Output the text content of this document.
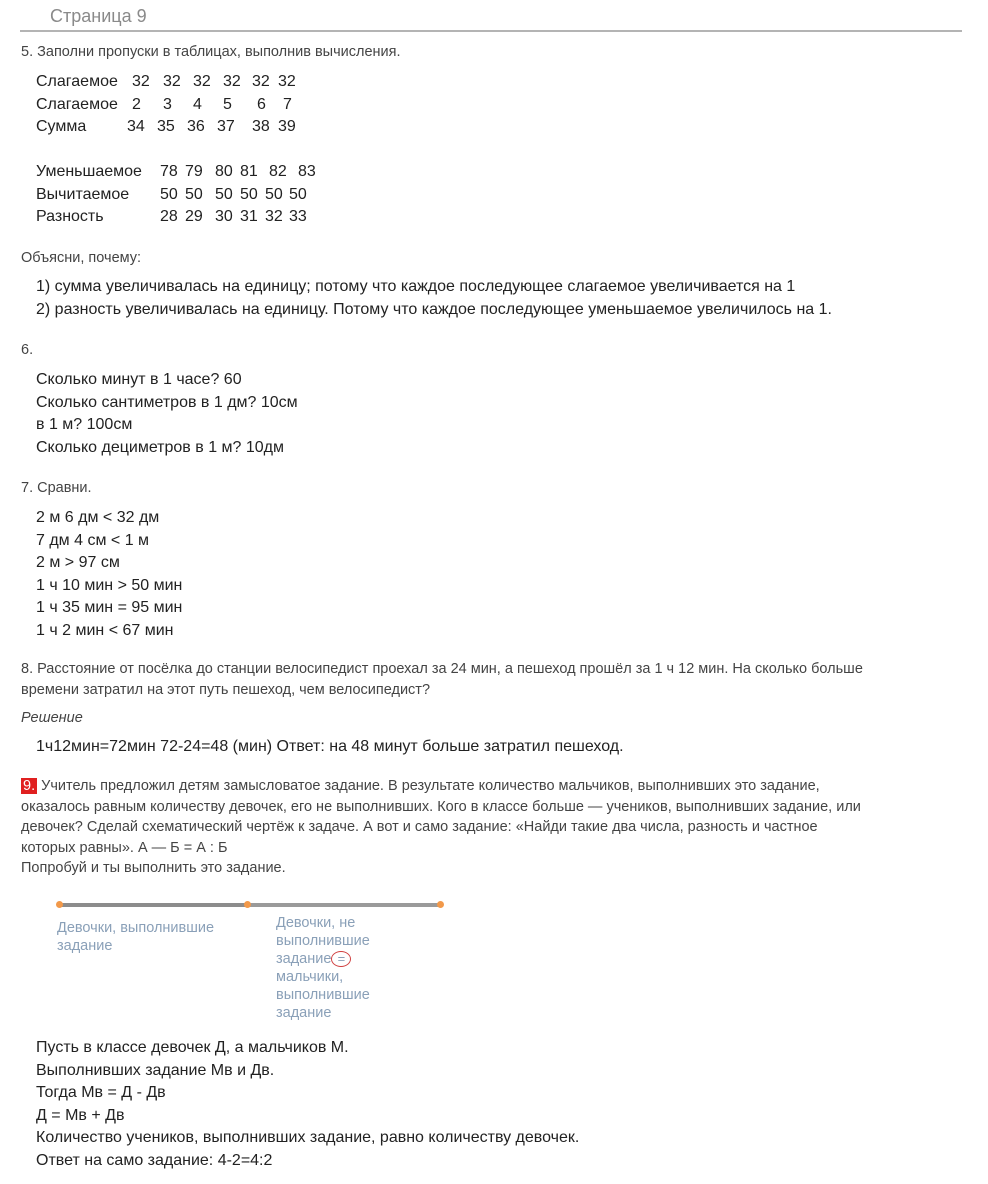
Страница 9
5. Заполни пропуски в таблицах, выполнив вычисления.
Слагаемое 32 32 32 32 32 32
Слагаемое 2 3 4 5 6 7
Сумма	34 35 36 37 38 39
Уменьшаемое 78 79 80 81 82 83
Вычитаемое 50 50 50 50 50 50
Разность	28 29 30 31 32 33
Объясни, почему:
1) сумма увеличивалась на единицу; потому что каждое последующее слагаемое увеличивается на 1
2) разность увеличивалась на единицу. Потому что каждое последующее уменьшаемое увеличилось на 1.
6.
Сколько минут в 1 часе? 60
Сколько сантиметров в 1 дм? 10см
в 1 м? 100см
Сколько дециметров в 1 м? 10дм
7. Сравни.
2 м 6 дм < 32 дм
7 дм 4 см < 1 м
2 м > 97 см
1 ч 10 мин > 50 мин
1 ч 35 мин = 95 мин
1 ч 2 мин < 67 мин
8. Расстояние от посёлка до станции велосипедист проехал за 24 мин, а пешеход прошёл за 1 ч 12 мин. На сколько больше
времени затратил на этот путь пешеход, чем велосипедист?
Решение
1ч12мин=72мин 72-24=48 (мин) Ответ: на 48 минут больше затратил пешеход.
9. Учитель предложил детям замысловатое задание. В результате количество мальчиков, выполнивших это задание,
оказалось равным количеству девочек, его не выполнивших. Кого в классе больше — учеников, выполнивших задание, или
девочек? Сделай схематический чертёж к задаче. А вот и само задание: «Найди такие два числа, разность и частное
которых равны». А — Б = А : Б
Попробуй и ты выполнить это задание.
Девочки, выполнившие
задание
Девочки, не
выполнившие
задание =
мальчики,
выполнившие
задание
Пусть в классе девочек Д, а мальчиков М.
Выполнивших задание Мв и Дв.
Тогда Мв = Д - Дв
Д = Мв + Дв
Количество учеников, выполнивших задание, равно количеству девочек.
Ответ на само задание: 4-2=4:2
